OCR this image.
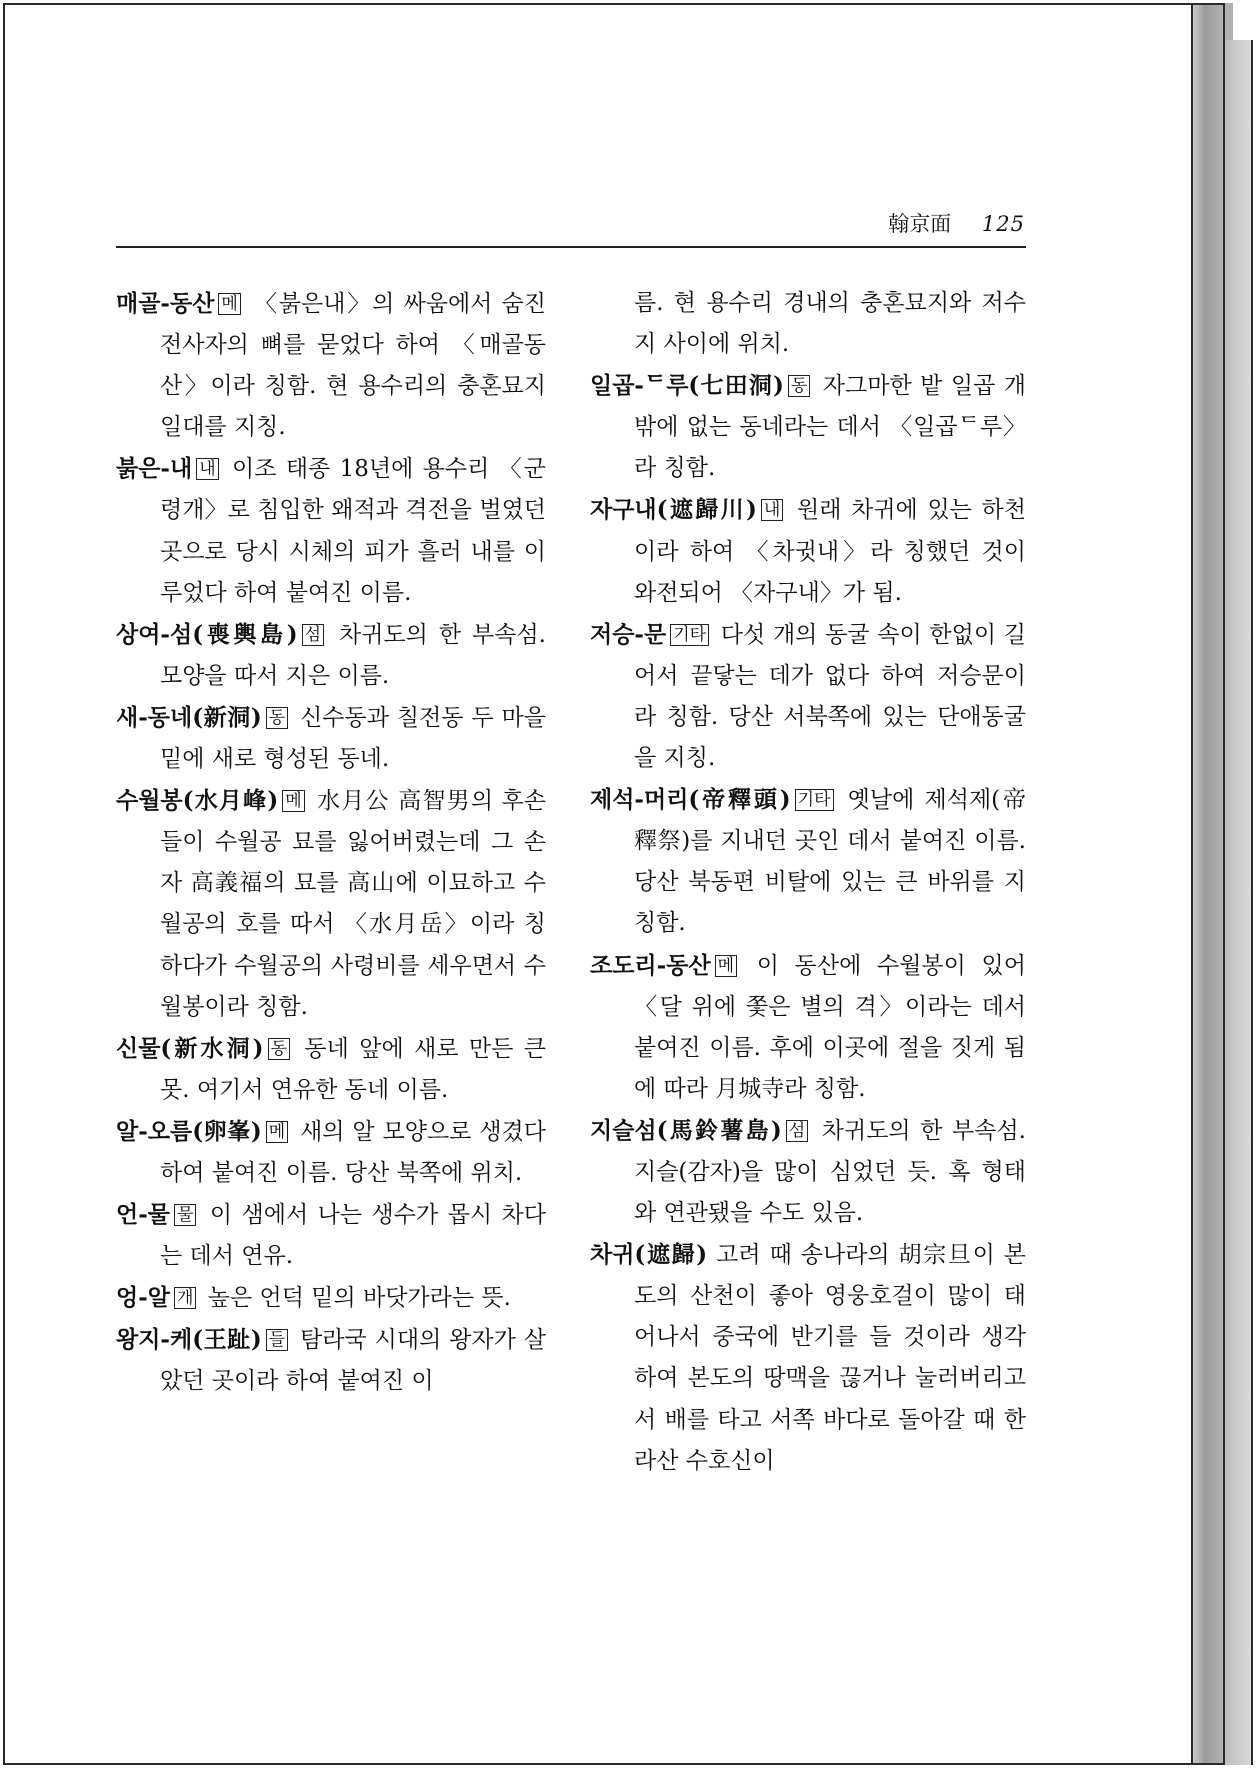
翰京面 125

매골-동산 메 〈붉은내〉의 싸움에서 숨진 전사자의 뼈를 묻었다 하여 〈매골동산〉이라 칭함. 현 용수리의 충혼묘지 일대를 지칭.

붉은-내 내 이조 태종 18년에 용수리 〈군령개〉로 침입한 왜적과 격전을 벌였던 곳으로 당시 시체의 피가 흘러 내를 이루었다 하여 붙여진 이름.

상여-섬(喪輿島) 섬 차귀도의 한 부속섬. 모양을 따서 지은 이름.

새-동네(新洞) 동 신수동과 칠전동 두 마을 밑에 새로 형성된 동네.

수월봉(水月峰) 메 水月公 高智男의 후손들이 수월공 묘를 잃어버렸는데 그 손자 高義福의 묘를 高山에 이묘하고 수월공의 호를 따서 〈水月岳〉이라 칭하다가 수월공의 사령비를 세우면서 수월봉이라 칭함.

신물(新水洞) 동 동네 앞에 새로 만든 큰 못. 여기서 연유한 동네 이름.

알-오름(卵峯) 메 새의 알 모양으로 생겼다 하여 붙여진 이름. 당산 북쪽에 위치.

언-물 물 이 샘에서 나는 생수가 몹시 차다는 데서 연유.

엉-알 개 높은 언덕 밑의 바닷가라는 뜻.

왕지-케(王趾) 들 탐라국 시대의 왕자가 살았던 곳이라 하여 붙여진 이

름. 현 용수리 경내의 충혼묘지와 저수지 사이에 위치.

일곱-ᄃ루(七田洞) 동 자그마한 밭 일곱 개 밖에 없는 동네라는 데서 〈일곱ᄃ루〉라 칭함.

자구내(遮歸川) 내 원래 차귀에 있는 하천이라 하여 〈차귓내〉라 칭했던 것이 와전되어 〈자구내〉가 됨.

저승-문 기타 다섯 개의 동굴 속이 한없이 길어서 끝닿는 데가 없다 하여 저승문이라 칭함. 당산 서북쪽에 있는 단애동굴을 지칭.

제석-머리(帝釋頭) 기타 옛날에 제석제(帝釋祭)를 지내던 곳인 데서 붙여진 이름. 당산 북동편 비탈에 있는 큰 바위를 지칭함.

조도리-동산 메 이 동산에 수월봉이 있어 〈달 위에 쫓은 별의 격〉이라는 데서 붙여진 이름. 후에 이곳에 절을 짓게 됨에 따라 月城寺라 칭함.

지슬섬(馬鈴薯島) 섬 차귀도의 한 부속섬. 지슬(감자)을 많이 심었던 듯. 혹 형태와 연관됐을 수도 있음.

차귀(遮歸) 고려 때 송나라의 胡宗旦이 본도의 산천이 좋아 영웅호걸이 많이 태어나서 중국에 반기를 들 것이라 생각하여 본도의 땅맥을 끊거나 눌러버리고서 배를 타고 서쪽 바다로 돌아갈 때 한라산 수호신이
